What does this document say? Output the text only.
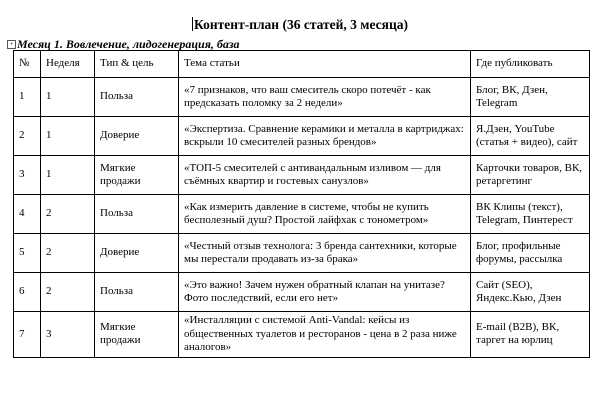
Контент-план (36 статей, 3 месяца)
+ Месяц 1. Вовлечение, лидогенерация, база
№	Неделя	Тип & цель	Тема статьи	Где публиковать
1	1	Польза	«7 признаков, что ваш смеситель скоро потечёт - как предсказать поломку за 2 недели»	Блог, ВК, Дзен, Telegram
2	1	Доверие	«Экспертиза. Сравнение керамики и металла в картриджах: вскрыли 10 смесителей разных брендов»	Я.Дзен, YouTube (статья + видео), сайт
3	1	Мягкие продажи	«ТОП-5 смесителей с антивандальным изливом — для съёмных квартир и гостевых санузлов»	Карточки товаров, ВК, ретаргетинг
4	2	Польза	«Как измерить давление в системе, чтобы не купить бесполезный душ? Простой лайфхак с тонометром»	ВК Клипы (текст), Telegram, Пинтерест
5	2	Доверие	«Честный отзыв технолога: 3 бренда сантехники, которые мы перестали продавать из-за брака»	Блог, профильные форумы, рассылка
6	2	Польза	«Это важно! Зачем нужен обратный клапан на унитазе? Фото последствий, если его нет»	Сайт (SEO), Яндекс.Кью, Дзен
7	3	Мягкие продажи	«Инсталляции с системой Anti-Vandal: кейсы из общественных туалетов и ресторанов - цена в 2 раза ниже аналогов»	E-mail (B2B), ВК, таргет на юрлиц
